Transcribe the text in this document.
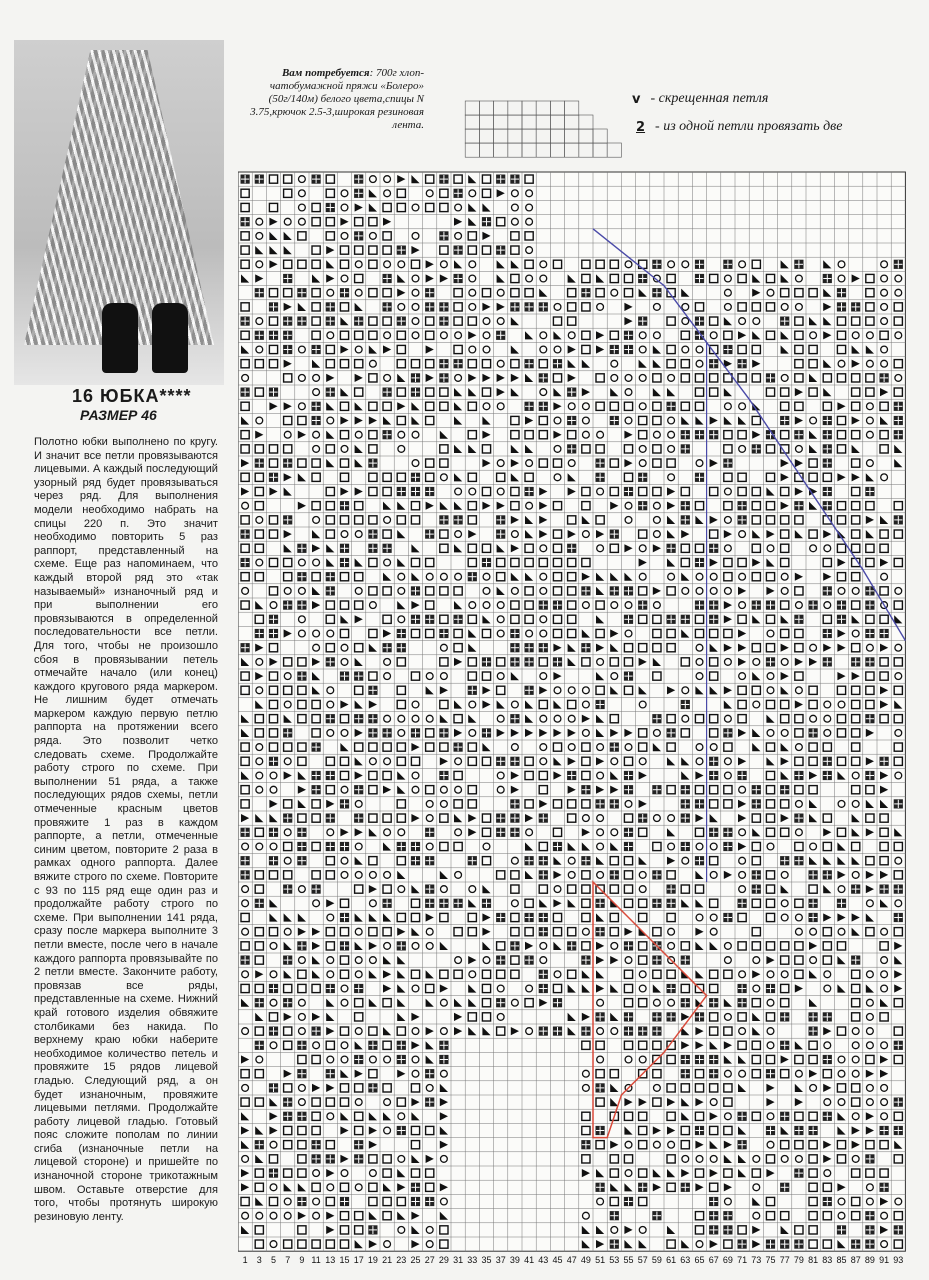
16 ЮБКА****
РАЗМЕР 46
Полотно юбки выполнено по кругу. И значит все петли провязываются лицевыми. А каждый последующий узорный ряд будет провязываться через ряд. Для выполнения модели необходимо набрать на спицы 220 п. Это значит необходимо повторить 5 раз раппорт, представленный на схеме. Еще раз напоминаем, что каждый второй ряд это «так называемый» изнаночный ряд и при выполнении его провязываются в определенной последовательности все петли. Для того, чтобы не произошло сбоя в провязывании петель отмечайте начало (или конец) каждого кругового ряда маркером. Не лишним будет отмечать маркером каждую первую петлю раппорта на протяжении всего ряда. Это позволит четко следовать схеме. Продолжайте работу строго по схеме. При выполнении 51 ряда, а также последующих рядов схемы, петли отмеченные красным цветов провяжите 1 раз в каждом раппорте, а петли, отмеченные синим цветом, повторите 2 раза в рамках одного раппорта. Далее вяжите строго по схеме. Повторите с 93 по 115 ряд еще один раз и продолжайте работу строго по схеме. При выполнении 141 ряда, сразу после маркера выполните 3 петли вместе, после чего в начале каждого раппорта провязывайте по 2 петли вместе. Закончите работу, провязав все ряды, представленные на схеме. Нижний край готового изделия обвяжите столбиками без накида. По верхнему краю юбки наберите необходимое количество петель и провяжите 15 рядов лицевой гладью. Следующий ряд, а он будет изнаночным, провяжите лицевыми петлями. Продолжайте работу лицевой гладью. Готовый пояс сложите пополам по линии сгиба (изнаночные петли на лицевой стороне) и пришейте по изнаночной стороне трикотажным швом. Оставьте отверстие для того, чтобы протянуть широкую резиновую ленту.
Вам потребуется: 700г хлоп-чатобумажной пряжи «Болеро» (50г/140м) белого цвета,спицы N 3.75,крючок 2.5-3,широкая резиновая лента.
v - скрещенная петля
2 - из одной петли провязать две
1 3 5 7 9 11 13 15 17 19 21 23 25 27 29 31 33 35 37 39 41 43 45 47 49 51 53 55 57 59 61 63 65 67 69 71 73 75 77 79 81 83 85 87 89 91 93
